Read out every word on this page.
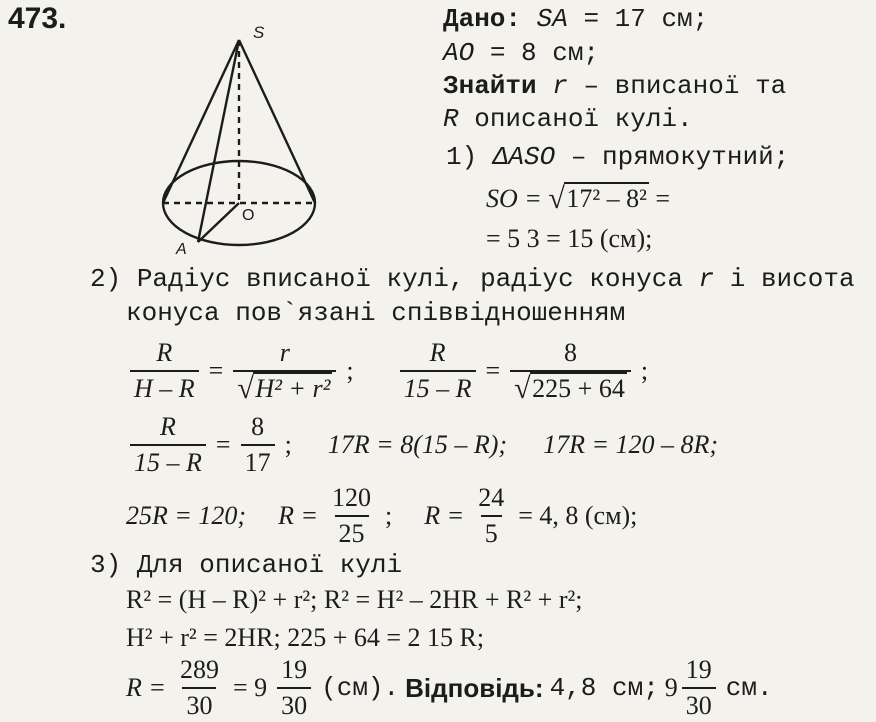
473.	S
O
A
Дано: SA = 17 см;
AO = 8 см;
Знайти r – вписаної та
R описаної кулі.
1) ΔASO – прямокутний;
SO = √ 17² – 8² =
= 5 3 = 15 (см);
2) Радіус вписаної кулі, радіус конуса r і висота
конуса пов`язані співвідношенням
$\frac{R}{H - R} = r$
√ H² + r² ; $\frac{R}{15 - R} = 8$
√ 225 + 64 ;
$\frac{R}{15 - R} = \frac{8}{17}$ ; 17R = 8(15 – R); 17R = 120 – 8R;
25R = 120; $R = \frac{120}{25}$ ; $R = \frac{24}{5} = 4$, 8 (см);
3) Для описаної кулі
R² = (H – R)² + r²; R² = H² – 2HR + R² + r²;
H² + r² = 2HR; 225 + 64 = 2 15 R;
$R = \frac{289}{30} = 9 \frac{19}{30} (см)$. Відповідь: 4,8 см; $9 \frac{19}{30}$ см.
